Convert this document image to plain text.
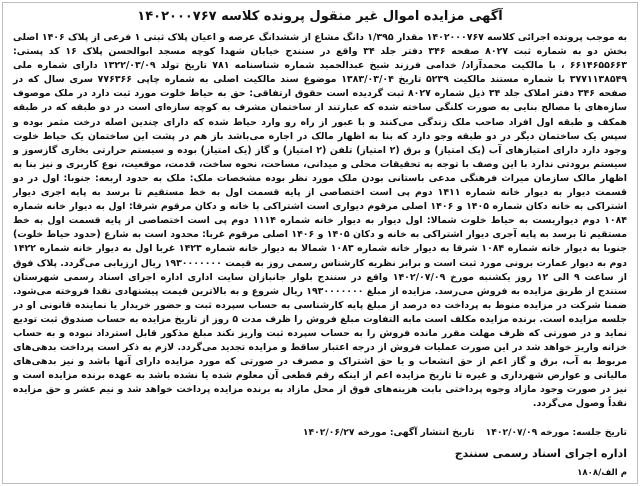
آگهی مزایده اموال غیر منقول پرونده کلاسه ۱۴۰۲۰۰۰۷۶۷

به موجب پرونده اجرائی کلاسه ۱۴۰۲۰۰۰۷۶۷ مقدار ۱/۳۹۵ دانگ مشاع از ششدانگ عرصه و اعیان پلاک ثبتی ۱ فرعی از پلاک ۱۴۰۶ اصلی بخش دو به شماره ثبت ۸۰۲۷ صفحه ۳۴۶ دفتر جلد ۳۴ واقع در سنندج خیابان شهدا کوچه مسجد ابوالحسن پلاک ۱۶ کد پستی: ۶۶۱۴۶۵۵۶۶۳ ، با مالکیت محمدآزاد/ خدامی فرزند شیخ عبدالحمید شماره شناسنامه ۷۸۱ تاریخ تولد ۱۳۲۲/۰۳/۰۹ دارای شماره ملی ۳۷۷۱۱۳۸۵۴۹ با شماره مستند مالکیت ۵۲۳۹ تاریخ ۱۳۸۳/۰۳/۰۴ موضوع سند مالکیت اصلی به شماره چاپی ۷۷۶۳۶۶ سری سال که در صفحه ۳۴۶ دفتر املاک جلد ۳۴ ذیل شماره ۸۰۲۷ ثبت گردیده است حقوق ارتفاقی: حق به حیاط خلوت مورد ثبت دارد در ملک موصوف سازه‌های با مصالح بنایی به صورت کلنگی ساخته شده که عبارتند از ساختمان مشرف به کوچه سازه‌ای است در دو طبقه که در طبقه همکف و طبقه اول افراد صاحب ملک زندگی می‌کنند و با عبور از راه رو وارد حیاط شده که دارای چندین اصله درخت مثمر بوده و سپس یک ساختمان دیگر در دو طبقه وجو دارد که بنا به اظهار مالک در اجاره می‌باشد باز هم در پشت این ساختمان یک حیاط خلوت وجود دارد دارای امتیازهای آب (یک امتیاز) و برق (۲ امتیاز) تلفن (۲ امتیاز) و گاز (یک امتیاز) بوده و سیستم حرارتی بخاری گازسوز و سیستم برودتی ندارد با این وصف با توجه به تحقیقات محلی و میدانی، مساحت، نحوه ساخت، قدمت، موقعیت، نوع کاربری و نیز بنا به اظهار مالک سازمان میراث فرهنگی مدعی باستانی بودن ملک مورد نظر بوده مشخصات ملک: ملک به حدود اربعه: جنوبا: اول در دو قسمت دیوار به دیوار خانه شماره ۱۴۱۱ دوم پی است اختصاصی از پایه قسمت اول به خط مستقیم تا برسد به پایه اجری دیوار اشتراکی به خانه دکان شماره ۱۴۰۵ و ۱۴۰۶ اصلی مرقوم دیواری است اشتراکی با خانه و دکان مرقوم شرقا: اول به دیوار خانه شماره ۱۰۸۴ دوم دیواریست به حیاط خلوت شمالا: اول دیوار به دیوار خانه شماره ۱۱۱۴ دوم پی است اختصاصی از پایه قسمت اول به خط مستقیم تا برسد به پایه آجری دیوار اشتراکی به خانه و دکان ۱۴۰۵ و ۱۴۰۶ اصلی مرقوم غربا: محدود است به شارع (حدود حیاط خلوت) جنوبا به دیوار خانه شماره ۱۰۸۴ شرقا به دیوار خانه شماره ۱۰۸۳ شمالا به دیوار خانه شماره ۱۴۲۳ غربا اول به دیوار خانه شماره ۱۴۲۲ دوم به دیوار عمارت برونی مورد ثبت است و برابر نظریه کارشناس رسمی روز به قیمت ۱۹۳۰۰۰۰۰۰۰ ریال ارزیابی می‌گردد. پلاک فوق از ساعت ۹ الی ۱۲ روز یکشنبه مورخ ۱۴۰۲/۰۷/۰۹ واقع در سنندج بلوار جانبازان سایت اداری اداره اجرای اسناد رسمی شهرستان سنندج از طریق مزایده به فروش می‌رسد. مزایده از مبلغ ۱۹۳۰۰۰۰۰۰۰ ریال شروع و به بالاترین قیمت پیشنهادی نقدا فروخته می‌شود. ضمنا شرکت در مزایده منوط به پرداخت ده درصد از مبلغ پایه کارشناسی به حساب سپرده ثبت و حضور خریدار یا نماینده قانونی او در جلسه مزایده است. برنده مزایده مکلف است مابه التفاوت مبلغ فروش را ظرف مدت ۵ روز از تاریخ مزایده به حساب صندوق ثبت تودیع نماید و در صورتی که ظرف مهلت مقرر مانده فروش را به حساب سپرده ثبت واریز نکند مبلغ مذکور قابل استرداد نبوده و به حساب خزانه واریز خواهد شد در این صورت عملیات فروش از درجه اعتبار ساقط و مزایده تجدید می‌گردد. لازم به ذکر است پرداخت بدهی‌های مربوط به آب، برق و گاز اعم از حق انشعاب و یا حق اشتراک و مصرف در صورتی که مورد مزایده دارای آنها باشد و نیز بدهی‌های مالیاتی و عوارض شهرداری و غیره تا تاریخ مزایده اعم از اینکه رقم قطعی آن معلوم شده یا نشده باشد به عهده برنده مزایده است و نیز در صورت وجود مازاد وجوه پرداختی بابت هزینه‌های فوق از محل مازاد به برنده مزایده پرداخت خواهد شد و نیم عشر و حق مزایده نقداً وصول می‌گردد.

تاریخ جلسه: مورخه ۱۴۰۲/۰۷/۰۹ تاریخ انتشار آگهی: مورخه ۱۴۰۲/۰۶/۲۷
اداره اجرای اسناد رسمی سنندج
م الف/۱۸۰۸
